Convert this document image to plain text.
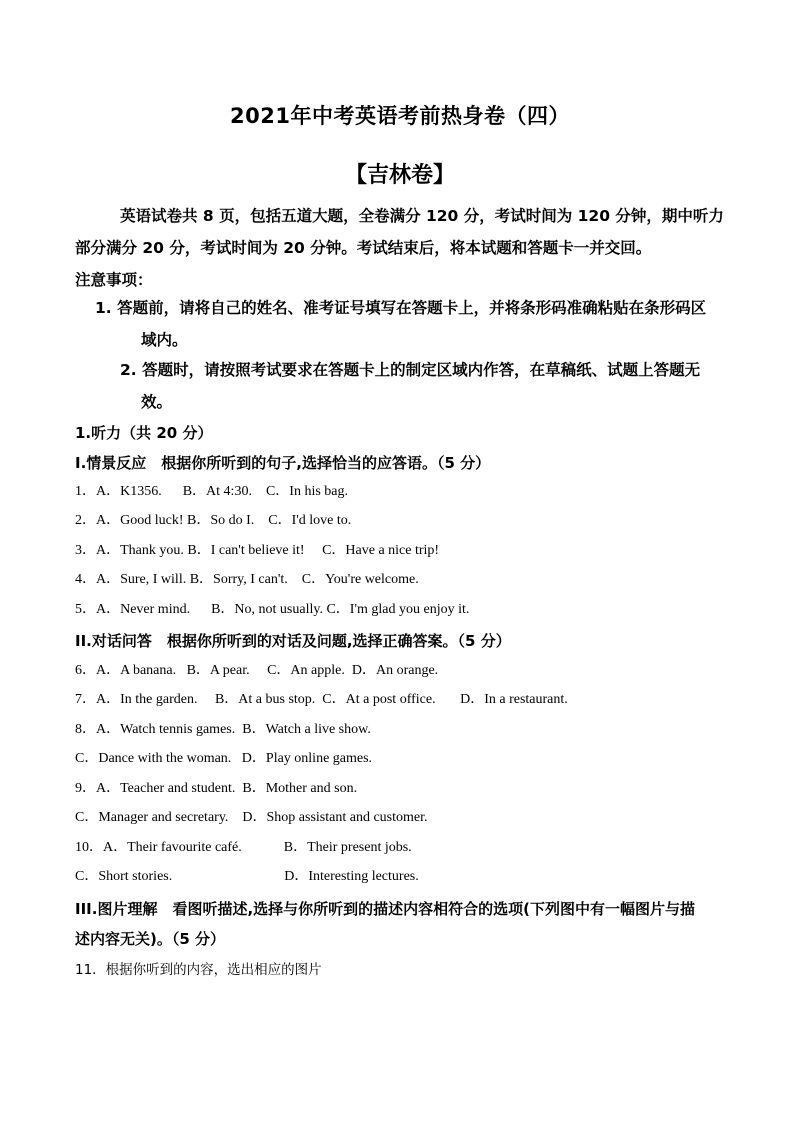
2021年中考英语考前热身卷（四）
【吉林卷】
英语试卷共 8 页，包括五道大题，全卷满分 120 分，考试时间为 120 分钟，期中听力
部分满分 20 分，考试时间为 20 分钟。考试结束后，将本试题和答题卡一并交回。
注意事项：
1. 答题前，请将自己的姓名、准考证号填写在答题卡上，并将条形码准确粘贴在条形码区
域内。
2. 答题时，请按照考试要求在答题卡上的制定区域内作答，在草稿纸、试题上答题无
效。
1.听力（共 20 分）
I.情景反应　根据你所听到的句子,选择恰当的应答语。（5 分）
1．A．K1356.      B．At 4:30.    C．In his bag.
2．A．Good luck! B．So do I.    C．I'd love to.
3．A．Thank you. B．I can't believe it!     C．Have a nice trip!
4．A．Sure, I will. B．Sorry, I can't.    C．You're welcome.
5．A．Never mind.      B．No, not usually. C．I'm glad you enjoy it.
II.对话问答　根据你所听到的对话及问题,选择正确答案。（5 分）
6．A．A banana.   B．A pear.     C．An apple.  D．An orange.
7．A．In the garden.     B．At a bus stop.  C．At a post office.       D．In a restaurant.
8．A．Watch tennis games.  B．Watch a live show.
C．Dance with the woman.   D．Play online games.
9．A．Teacher and student.  B．Mother and son.
C．Manager and secretary.    D．Shop assistant and customer.
10．A．Their favourite café.            B．Their present jobs.
C．Short stories.                                D．Interesting lectures.
III.图片理解　看图听描述,选择与你所听到的描述内容相符合的选项(下列图中有一幅图片与描
述内容无关)。（5 分）
11．根据你听到的内容，选出相应的图片
